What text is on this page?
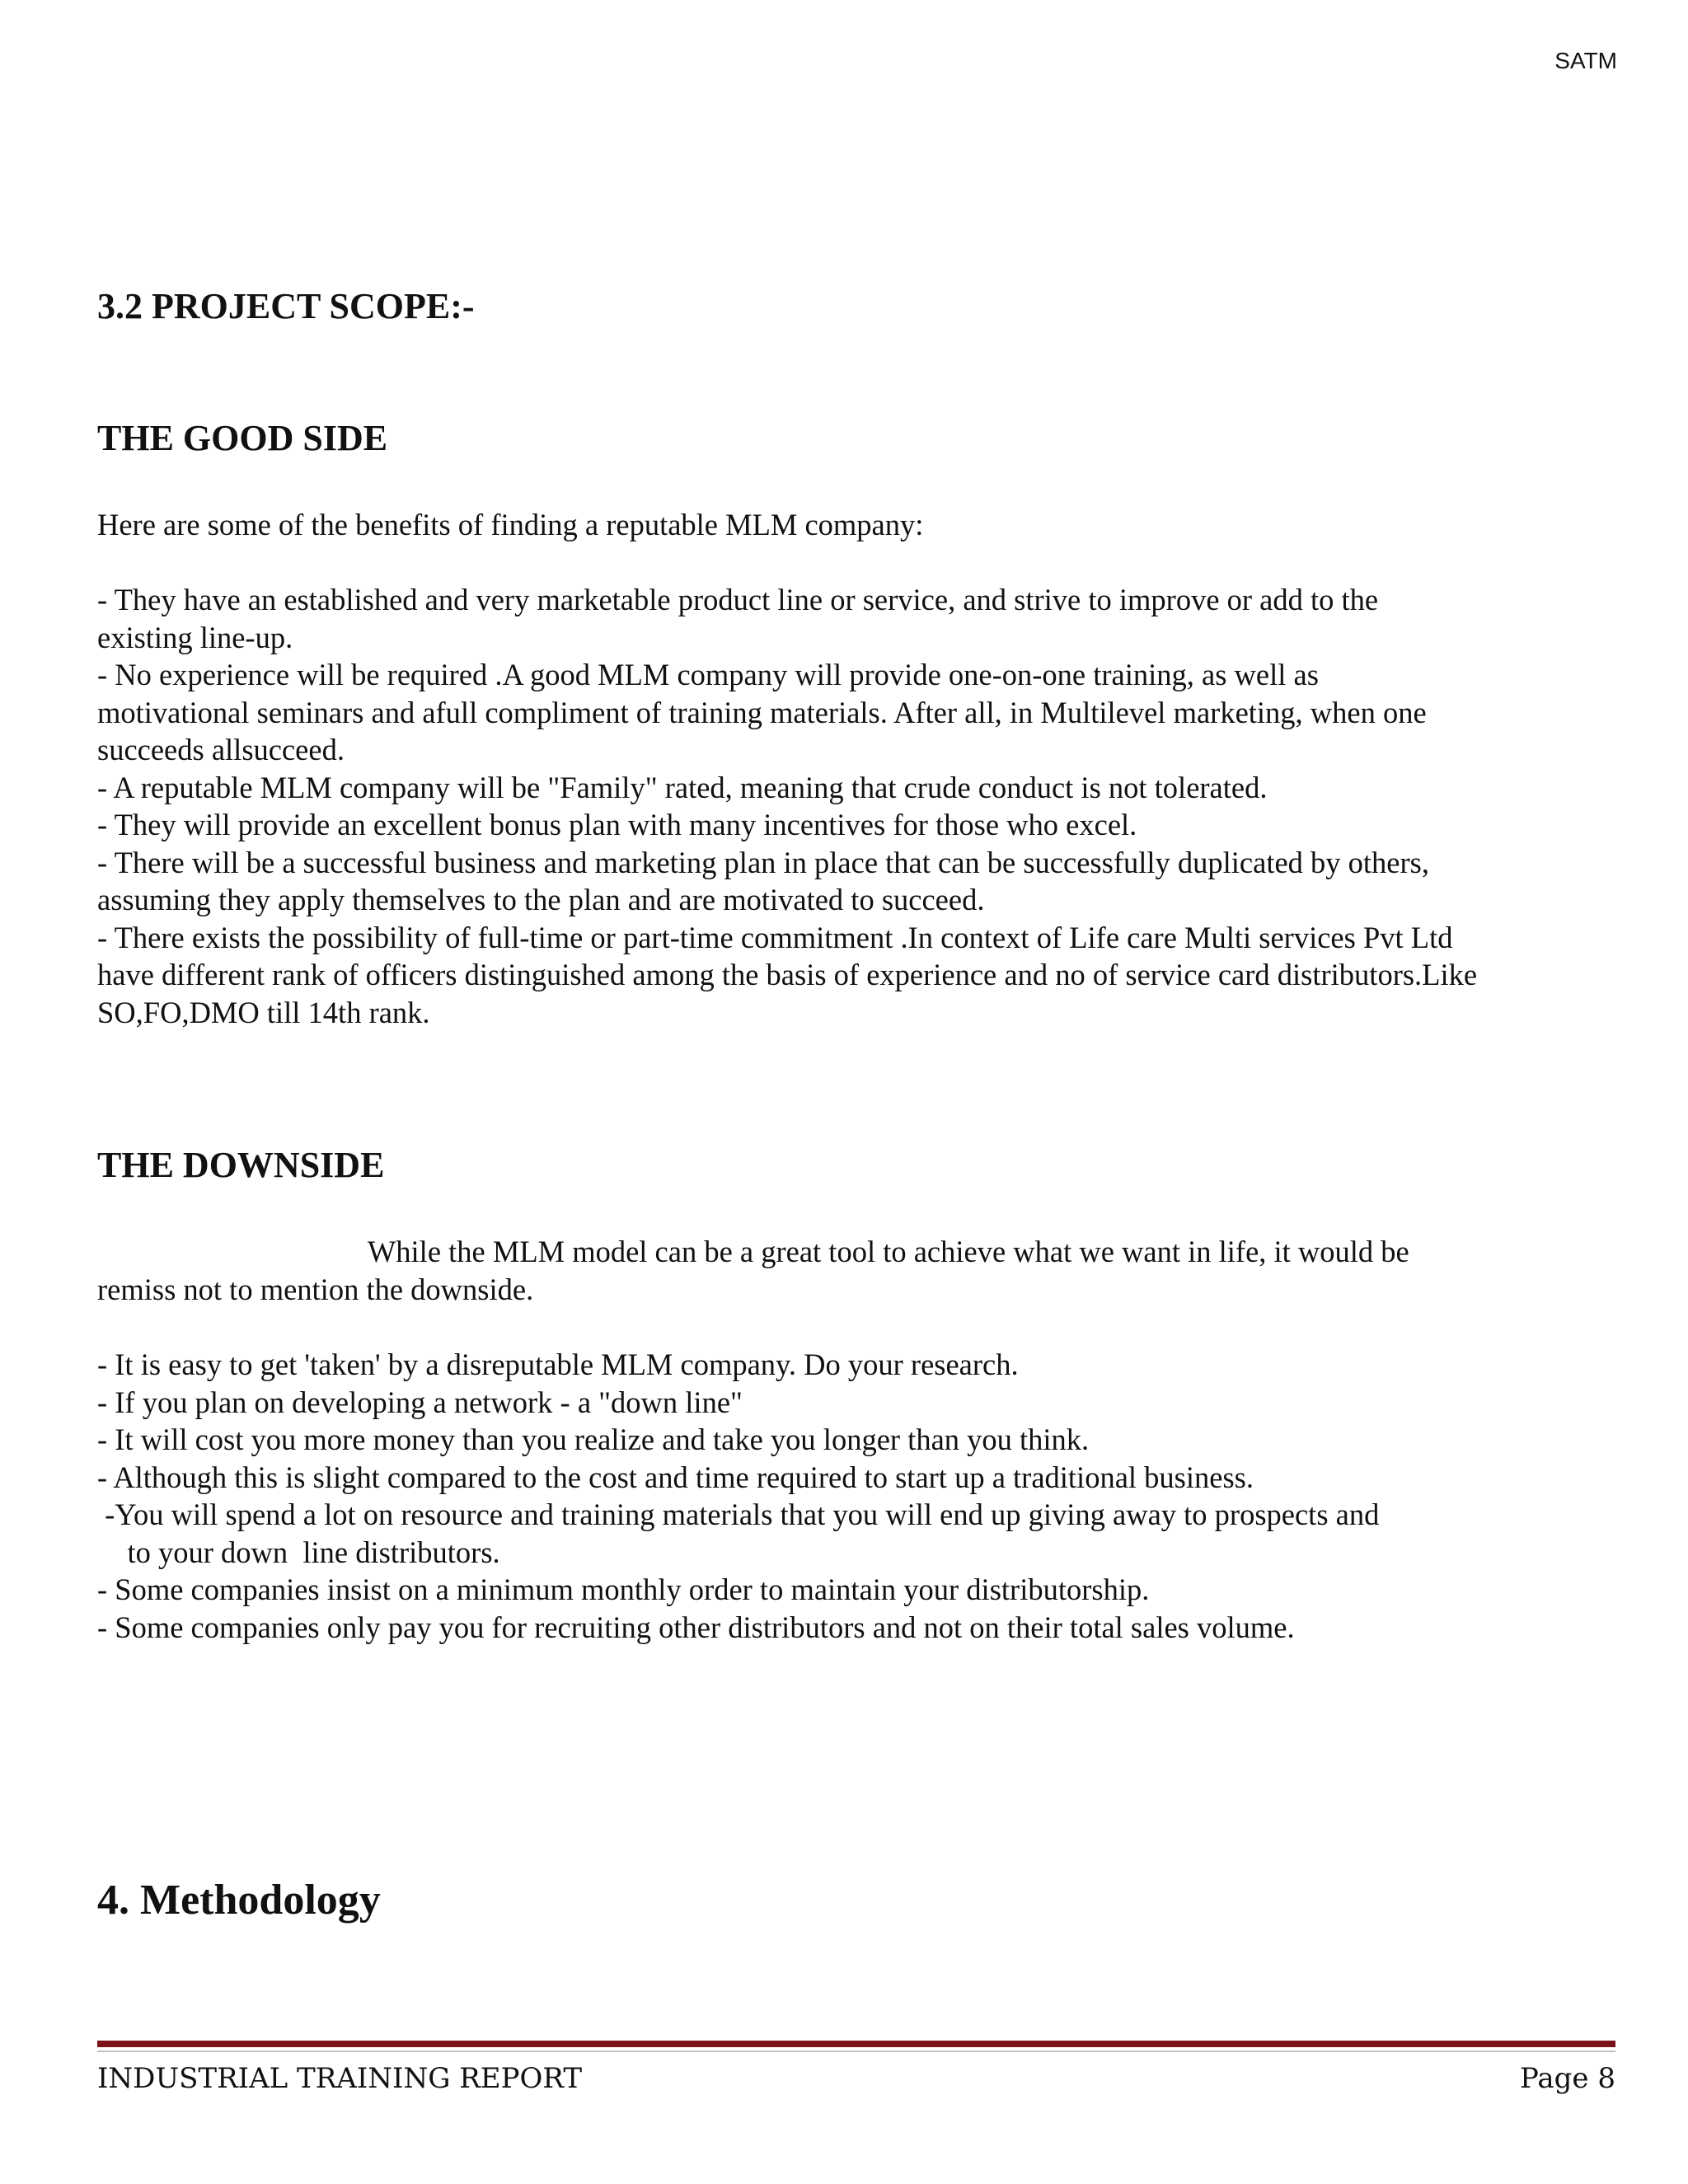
SATM
3.2 PROJECT SCOPE:-
THE GOOD SIDE
Here are some of the benefits of finding a reputable MLM company:
- They have an established and very marketable product line or service, and strive to improve or add to the
existing line-up.
- No experience will be required .A good MLM company will provide one-on-one training, as well as
motivational seminars and afull compliment of training materials. After all, in Multilevel marketing, when one
succeeds allsucceed.
- A reputable MLM company will be "Family" rated, meaning that crude conduct is not tolerated.
- They will provide an excellent bonus plan with many incentives for those who excel.
- There will be a successful business and marketing plan in place that can be successfully duplicated by others,
assuming they apply themselves to the plan and are motivated to succeed.
- There exists the possibility of full-time or part-time commitment .In context of Life care Multi services Pvt Ltd
have different rank of officers distinguished among the basis of experience and no of service card distributors.Like
SO,FO,DMO till 14th rank.
THE DOWNSIDE
While the MLM model can be a great tool to achieve what we want in life, it would be
remiss not to mention the downside.
- It is easy to get 'taken' by a disreputable MLM company. Do your research.
- If you plan on developing a network - a "down line"
- It will cost you more money than you realize and take you longer than you think.
- Although this is slight compared to the cost and time required to start up a traditional business.
-You will spend a lot on resource and training materials that you will end up giving away to prospects and
to your down  line distributors.
- Some companies insist on a minimum monthly order to maintain your distributorship.
- Some companies only pay you for recruiting other distributors and not on their total sales volume.
4. Methodology
INDUSTRIAL TRAINING REPORT	Page 8
